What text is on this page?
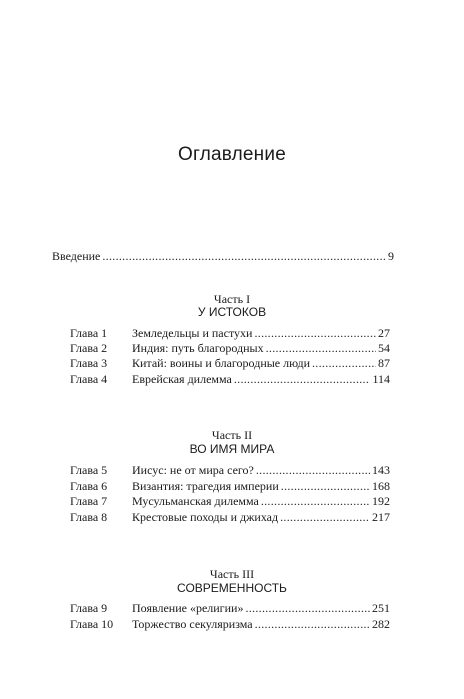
Оглавление
Введение .....	9
Часть I
У ИСТОКОВ
Глава 1	Земледельцы и пастухи .....	27
Глава 2	Индия: путь благородных .....	54
Глава 3	Китай: воины и благородные люди .....	87
Глава 4	Еврейская дилемма .....	114
Часть II
ВО ИМЯ МИРА
Глава 5	Иисус: не от мира сего? .....	143
Глава 6	Византия: трагедия империи .....	168
Глава 7	Мусульманская дилемма .....	192
Глава 8	Крестовые походы и джихад .....	217
Часть III
СОВРЕМЕННОСТЬ
Глава 9	Появление «религии» .....	251
Глава 10	Торжество секуляризма .....	282
